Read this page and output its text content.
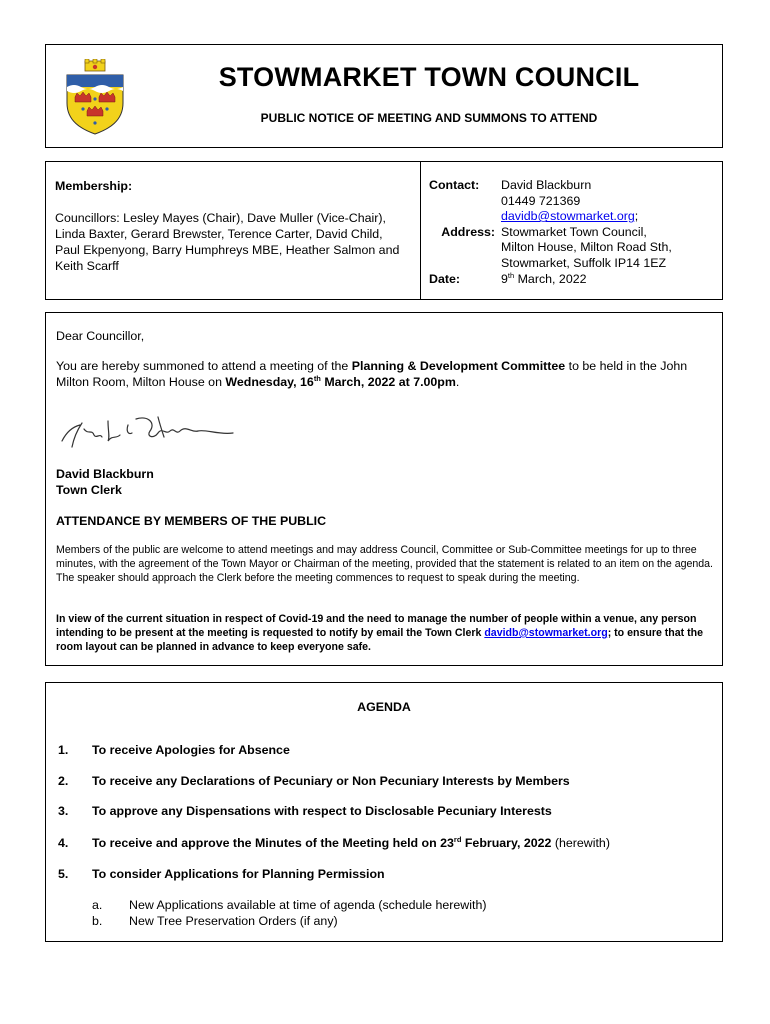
STOWMARKET TOWN COUNCIL
PUBLIC NOTICE OF MEETING AND SUMMONS TO ATTEND
Membership:
Councillors: Lesley Mayes (Chair), Dave Muller (Vice-Chair), Linda Baxter, Gerard Brewster, Terence Carter, David Child, Paul Ekpenyong, Barry Humphreys MBE, Heather Salmon and Keith Scarff
Contact:	David Blackburn
01449 721369
davidb@stowmarket.org;
Address: Stowmarket Town Council,
Milton House, Milton Road Sth,
Stowmarket, Suffolk IP14 1EZ
Date:	9th March, 2022
Dear Councillor,
You are hereby summoned to attend a meeting of the Planning & Development Committee to be held in the John Milton Room, Milton House on Wednesday, 16th March, 2022 at 7.00pm.
David Blackburn
Town Clerk
ATTENDANCE BY MEMBERS OF THE PUBLIC
Members of the public are welcome to attend meetings and may address Council, Committee or Sub-Committee meetings for up to three minutes, with the agreement of the Town Mayor or Chairman of the meeting, provided that the statement is related to an item on the agenda. The speaker should approach the Clerk before the meeting commences to request to speak during the meeting.
In view of the current situation in respect of Covid-19 and the need to manage the number of people within a venue, any person intending to be present at the meeting is requested to notify by email the Town Clerk davidb@stowmarket.org; to ensure that the room layout can be planned in advance to keep everyone safe.
AGENDA
1.	To receive Apologies for Absence
2.	To receive any Declarations of Pecuniary or Non Pecuniary Interests by Members
3.	To approve any Dispensations with respect to Disclosable Pecuniary Interests
4.	To receive and approve the Minutes of the Meeting held on 23rd February, 2022 (herewith)
5.	To consider Applications for Planning Permission
a.	New Applications available at time of agenda (schedule herewith)
b.	New Tree Preservation Orders (if any)
